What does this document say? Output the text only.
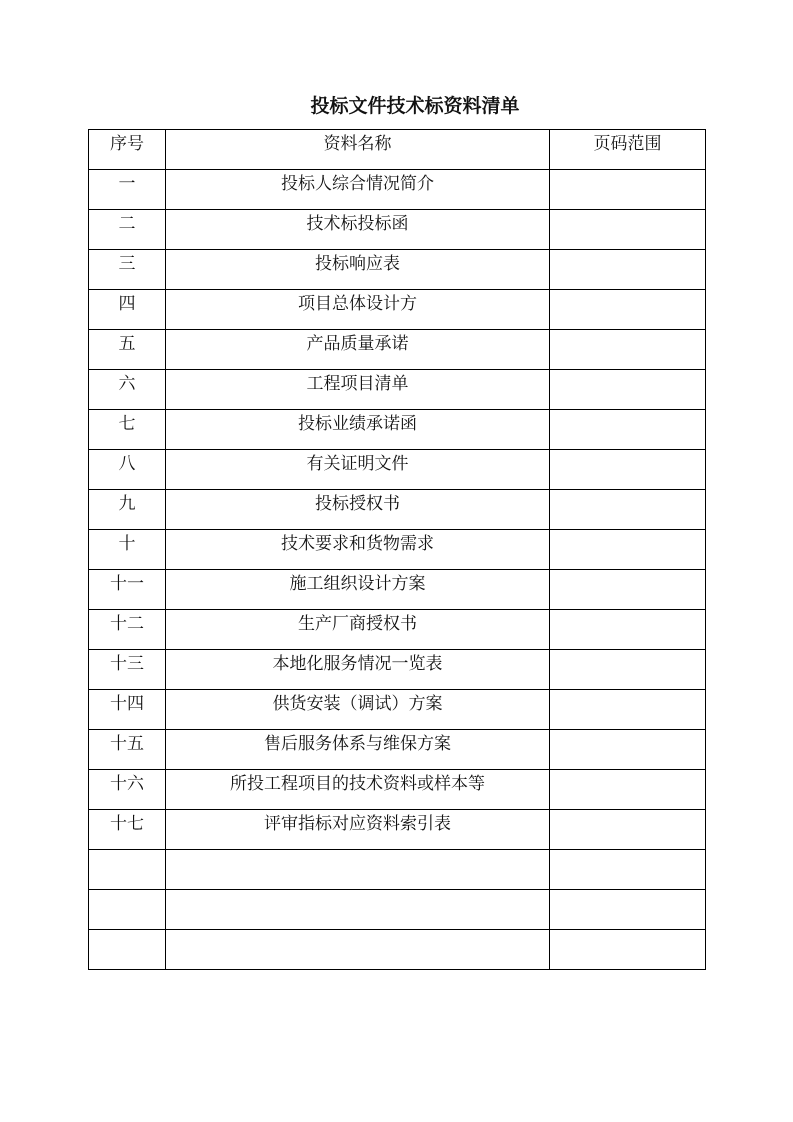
投标文件技术标资料清单
序号	资料名称	页码范围

一	投标人综合情况简介	

二	技术标投标函	

三	投标响应表	

四	项目总体设计方	

五	产品质量承诺	

六	工程项目清单	

七	投标业绩承诺函	

八	有关证明文件	

九	投标授权书	

十	技术要求和货物需求	

十一	施工组织设计方案	

十二	生产厂商授权书	

十三	本地化服务情况一览表	

十四	供货安装（调试）方案	

十五	售后服务体系与维保方案	

十六	所投工程项目的技术资料或样本等	

十七	评审指标对应资料索引表	
